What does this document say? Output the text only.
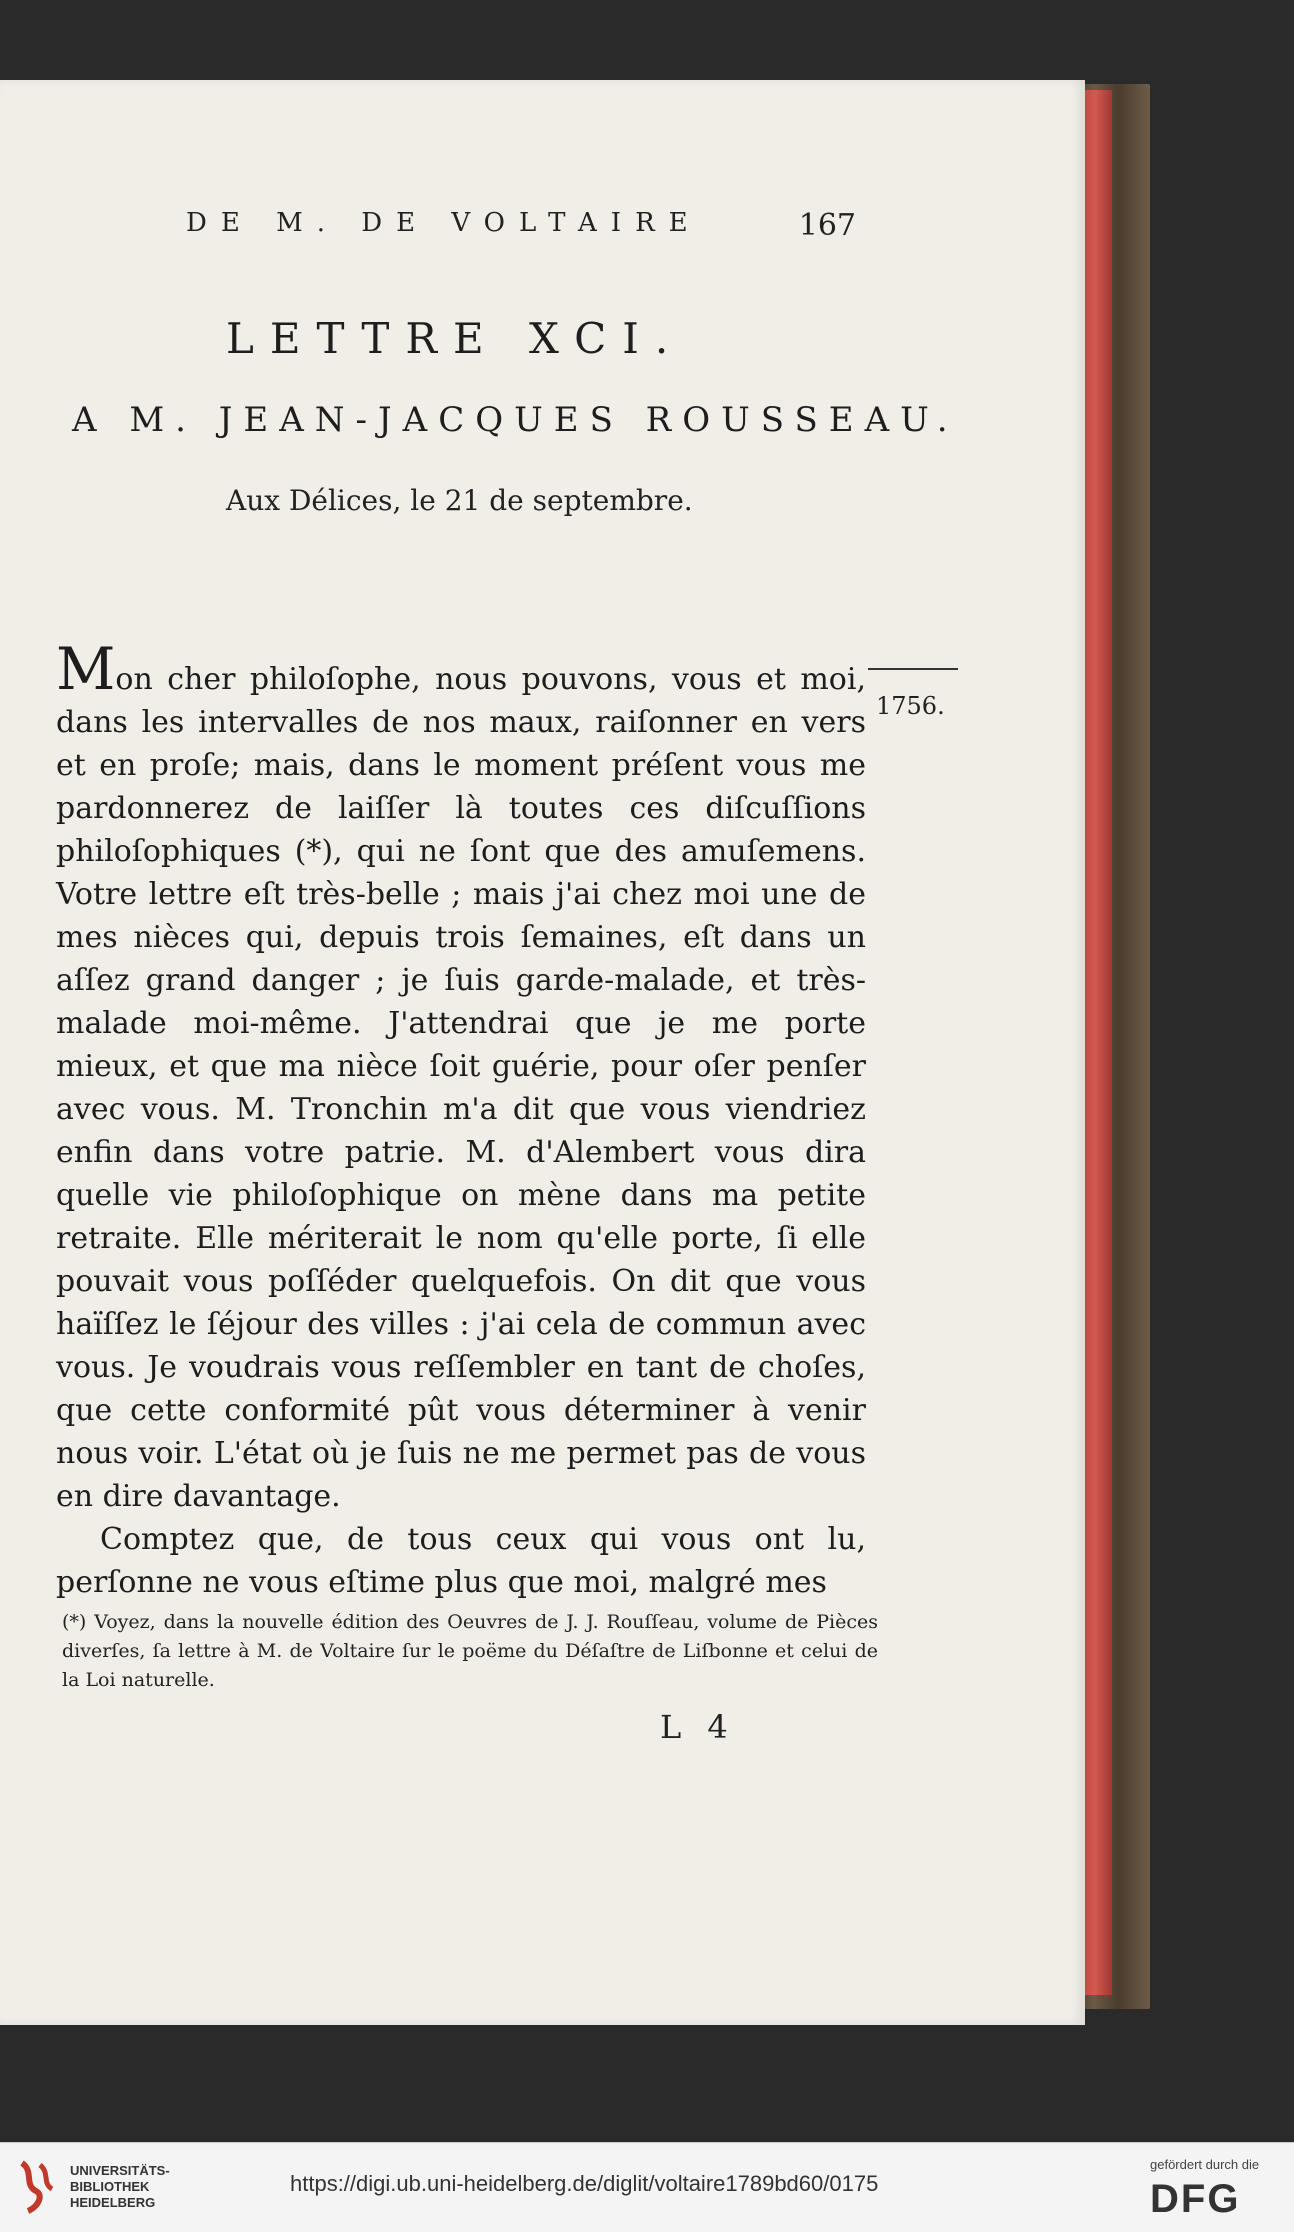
DE M. DE VOLTAIRE	167
LETTRE XCI.
A M. JEAN-JACQUES ROUSSEAU.
Aux Délices, le 21 de septembre.
1756.

Mon cher philoſophe, nous pouvons, vous et moi, dans les intervalles de nos maux, raiſonner en vers et en proſe; mais, dans le moment préſent vous me pardonnerez de laiſſer là toutes ces diſcuſſions philoſophiques (*), qui ne ſont que des amuſemens. Votre lettre eſt très-belle ; mais j'ai chez moi une de mes nièces qui, depuis trois ſemaines, eſt dans un aſſez grand danger ; je ſuis garde-malade, et très-malade moi-même. J'attendrai que je me porte mieux, et que ma nièce ſoit guérie, pour oſer penſer avec vous. M. Tronchin m'a dit que vous viendriez enfin dans votre patrie. M. d'Alembert vous dira quelle vie philoſophique on mène dans ma petite retraite. Elle mériterait le nom qu'elle porte, ſi elle pouvait vous poſſéder quelquefois. On dit que vous haïſſez le ſéjour des villes : j'ai cela de commun avec vous. Je voudrais vous reſſembler en tant de choſes, que cette conformité pût vous déterminer à venir nous voir. L'état où je ſuis ne me permet pas de vous en dire davantage.

Comptez que, de tous ceux qui vous ont lu, perſonne ne vous eſtime plus que moi, malgré mes

(*) Voyez, dans la nouvelle édition des Oeuvres de J. J. Rouſſeau, volume de Pièces diverſes, ſa lettre à M. de Voltaire ſur le poëme du Déſaſtre de Liſbonne et celui de la Loi naturelle.
L 4
UNIVERSITÄTS-
BIBLIOTHEK
HEIDELBERG
https://digi.ub.uni-heidelberg.de/diglit/voltaire1789bd60/0175
gefördert durch die
DFG
